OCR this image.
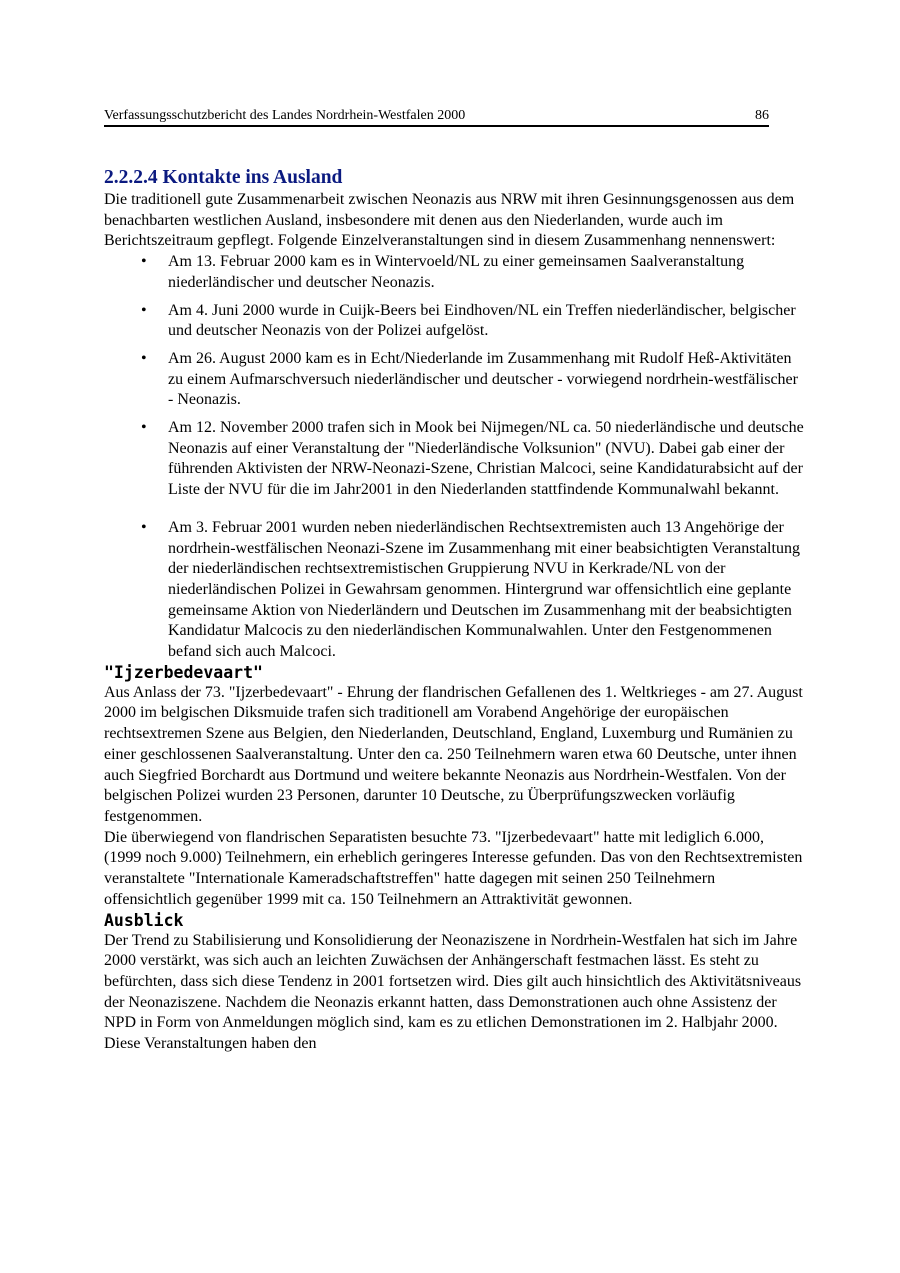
Verfassungsschutzbericht des Landes Nordrhein-Westfalen 2000	86
2.2.2.4 Kontakte ins Ausland

Die traditionell gute Zusammenarbeit zwischen Neonazis aus NRW mit ihren Gesinnungsgenossen aus dem benachbarten westlichen Ausland, insbesondere mit denen aus den Niederlanden, wurde auch im Berichtszeitraum gepflegt. Folgende Einzelveranstaltungen sind in diesem Zusammenhang nennenswert:

• Am 13. Februar 2000 kam es in Wintervoeld/NL zu einer gemeinsamen Saalveranstaltung niederländischer und deutscher Neonazis.
• Am 4. Juni 2000 wurde in Cuijk-Beers bei Eindhoven/NL ein Treffen niederländischer, belgischer und deutscher Neonazis von der Polizei aufgelöst.
• Am 26. August 2000 kam es in Echt/Niederlande im Zusammenhang mit Rudolf Heß-Aktivitäten zu einem Aufmarschversuch niederländischer und deutscher - vorwiegend nordrhein-westfälischer - Neonazis.
• Am 12. November 2000 trafen sich in Mook bei Nijmegen/NL ca. 50 niederländische und deutsche Neonazis auf einer Veranstaltung der "Niederländische Volksunion" (NVU). Dabei gab einer der führenden Aktivisten der NRW-Neonazi-Szene, Christian Malcoci, seine Kandidaturabsicht auf der Liste der NVU für die im Jahr2001 in den Niederlanden stattfindende Kommunalwahl bekannt.
• Am 3. Februar 2001 wurden neben niederländischen Rechtsextremisten auch 13 Angehörige der nordrhein-westfälischen Neonazi-Szene im Zusammenhang mit einer beabsichtigten Veranstaltung der niederländischen rechtsextremistischen Gruppierung NVU in Kerkrade/NL von der niederländischen Polizei in Gewahrsam genommen. Hintergrund war offensichtlich eine geplante gemeinsame Aktion von Niederländern und Deutschen im Zusammenhang mit der beabsichtigten Kandidatur Malcocis zu den niederländischen Kommunalwahlen. Unter den Festgenommenen befand sich auch Malcoci.
"Ijzerbedevaart"

Aus Anlass der 73. "Ijzerbedevaart" - Ehrung der flandrischen Gefallenen des 1. Weltkrieges - am 27. August 2000 im belgischen Diksmuide trafen sich traditionell am Vorabend Angehörige der europäischen rechtsextremen Szene aus Belgien, den Niederlanden, Deutschland, England, Luxemburg und Rumänien zu einer geschlossenen Saalveranstaltung. Unter den ca. 250 Teilnehmern waren etwa 60 Deutsche, unter ihnen auch Siegfried Borchardt aus Dortmund und weitere bekannte Neonazis aus Nordrhein-Westfalen. Von der belgischen Polizei wurden 23 Personen, darunter 10 Deutsche, zu Überprüfungszwecken vorläufig festgenommen.

Die überwiegend von flandrischen Separatisten besuchte 73. "Ijzerbedevaart" hatte mit lediglich 6.000, (1999 noch 9.000) Teilnehmern, ein erheblich geringeres Interesse gefunden. Das von den Rechtsextremisten veranstaltete "Internationale Kameradschaftstreffen" hatte dagegen mit seinen 250 Teilnehmern offensichtlich gegenüber 1999 mit ca. 150 Teilnehmern an Attraktivität gewonnen.

Ausblick

Der Trend zu Stabilisierung und Konsolidierung der Neonaziszene in Nordrhein-Westfalen hat sich im Jahre 2000 verstärkt, was sich auch an leichten Zuwächsen der Anhängerschaft festmachen lässt. Es steht zu befürchten, dass sich diese Tendenz in 2001 fortsetzen wird. Dies gilt auch hinsichtlich des Aktivitätsniveaus der Neonaziszene. Nachdem die Neonazis erkannt hatten, dass Demonstrationen auch ohne Assistenz der NPD in Form von Anmeldungen möglich sind, kam es zu etlichen Demonstrationen im 2. Halbjahr 2000. Diese Veranstaltungen haben den
